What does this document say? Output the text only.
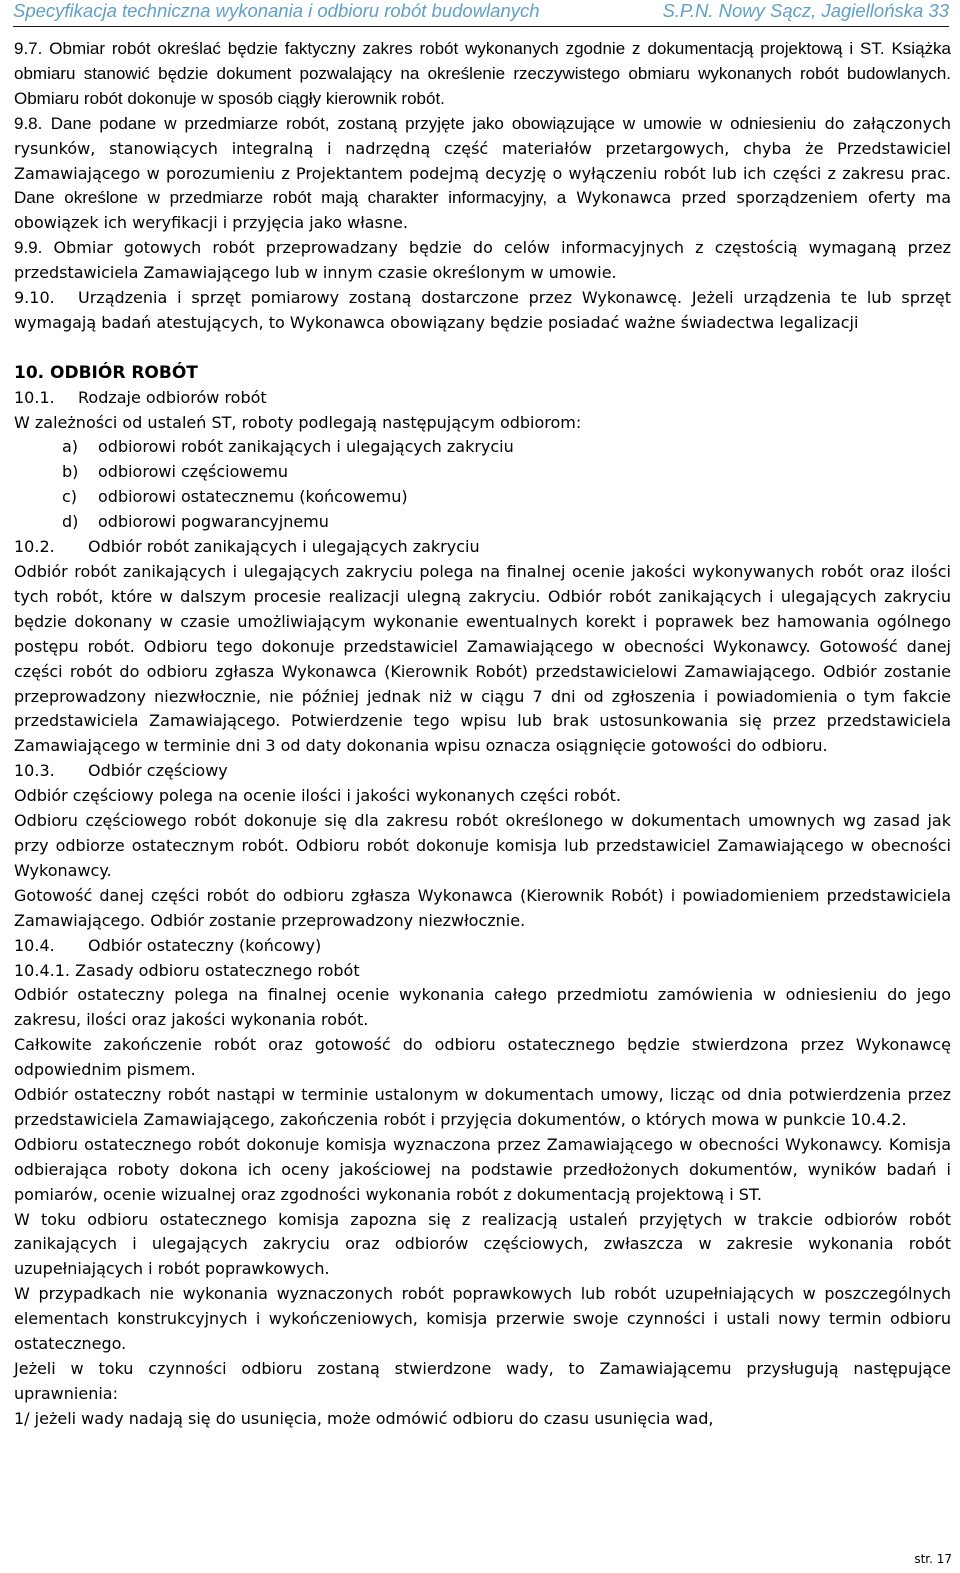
Specyfikacja techniczna wykonania i odbioru robót budowlanych	S.P.N. Nowy Sącz, Jagiellońska 33

9.7. Obmiar robót określać będzie faktyczny zakres robót wykonanych zgodnie z dokumentacją projektową i ST. Książka obmiaru stanowić będzie dokument pozwalający na określenie rzeczywistego obmiaru wykonanych robót budowlanych. Obmiaru robót dokonuje w sposób ciągły kierownik robót.

9.8. Dane podane w przedmiarze robót, zostaną przyjęte jako obowiązujące w umowie w odniesieniu do załączonych rysunków, stanowiących integralną i nadrzędną część materiałów przetargowych, chyba że Przedstawiciel Zamawiającego w porozumieniu z Projektantem podejmą decyzję o wyłączeniu robót lub ich części z zakresu prac. Dane określone w przedmiarze robót mają charakter informacyjny, a Wykonawca przed sporządzeniem oferty ma obowiązek ich weryfikacji i przyjęcia jako własne.

9.9. Obmiar gotowych robót przeprowadzany będzie do celów informacyjnych z częstością wymaganą przez przedstawiciela Zamawiającego lub w innym czasie określonym w umowie.

9.10. Urządzenia i sprzęt pomiarowy zostaną dostarczone przez Wykonawcę. Jeżeli urządzenia te lub sprzęt wymagają badań atestujących, to Wykonawca obowiązany będzie posiadać ważne świadectwa legalizacji

10. ODBIÓR ROBÓT

10.1. Rodzaje odbiorów robót

W zależności od ustaleń ST, roboty podlegają następującym odbiorom:

a) odbiorowi robót zanikających i ulegających zakryciu

b) odbiorowi częściowemu

c) odbiorowi ostatecznemu (końcowemu)

d) odbiorowi pogwarancyjnemu

10.2. Odbiór robót zanikających i ulegających zakryciu

Odbiór robót zanikających i ulegających zakryciu polega na finalnej ocenie jakości wykonywanych robót oraz ilości tych robót, które w dalszym procesie realizacji ulegną zakryciu. Odbiór robót zanikających i ulegających zakryciu będzie dokonany w czasie umożliwiającym wykonanie ewentualnych korekt i poprawek bez hamowania ogólnego postępu robót. Odbioru tego dokonuje przedstawiciel Zamawiającego w obecności Wykonawcy. Gotowość danej części robót do odbioru zgłasza Wykonawca (Kierownik Robót) przedstawicielowi Zamawiającego. Odbiór zostanie przeprowadzony niezwłocznie, nie później jednak niż w ciągu 7 dni od zgłoszenia i powiadomienia o tym fakcie przedstawiciela Zamawiającego. Potwierdzenie tego wpisu lub brak ustosunkowania się przez przedstawiciela Zamawiającego w terminie dni 3 od daty dokonania wpisu oznacza osiągnięcie gotowości do odbioru.

10.3. Odbiór częściowy

Odbiór częściowy polega na ocenie ilości i jakości wykonanych części robót.

Odbioru częściowego robót dokonuje się dla zakresu robót określonego w dokumentach umownych wg zasad jak przy odbiorze ostatecznym robót. Odbioru robót dokonuje komisja lub przedstawiciel Zamawiającego w obecności Wykonawcy.

Gotowość danej części robót do odbioru zgłasza Wykonawca (Kierownik Robót) i powiadomieniem przedstawiciela Zamawiającego. Odbiór zostanie przeprowadzony niezwłocznie.

10.4. Odbiór ostateczny (końcowy)

10.4.1. Zasady odbioru ostatecznego robót

Odbiór ostateczny polega na finalnej ocenie wykonania całego przedmiotu zamówienia w odniesieniu do jego zakresu, ilości oraz jakości wykonania robót.

Całkowite zakończenie robót oraz gotowość do odbioru ostatecznego będzie stwierdzona przez Wykonawcę odpowiednim pismem.

Odbiór ostateczny robót nastąpi w terminie ustalonym w dokumentach umowy, licząc od dnia potwierdzenia przez przedstawiciela Zamawiającego, zakończenia robót i przyjęcia dokumentów, o których mowa w punkcie 10.4.2.

Odbioru ostatecznego robót dokonuje komisja wyznaczona przez Zamawiającego w obecności Wykonawcy. Komisja odbierająca roboty dokona ich oceny jakościowej na podstawie przedłożonych dokumentów, wyników badań i pomiarów, ocenie wizualnej oraz zgodności wykonania robót z dokumentacją projektową i ST.

W toku odbioru ostatecznego komisja zapozna się z realizacją ustaleń przyjętych w trakcie odbiorów robót zanikających i ulegających zakryciu oraz odbiorów częściowych, zwłaszcza w zakresie wykonania robót uzupełniających i robót poprawkowych.

W przypadkach nie wykonania wyznaczonych robót poprawkowych lub robót uzupełniających w poszczególnych elementach konstrukcyjnych i wykończeniowych, komisja przerwie swoje czynności i ustali nowy termin odbioru ostatecznego.

Jeżeli w toku czynności odbioru zostaną stwierdzone wady, to Zamawiającemu przysługują następujące uprawnienia:

1/ jeżeli wady nadają się do usunięcia, może odmówić odbioru do czasu usunięcia wad,

str. 17
